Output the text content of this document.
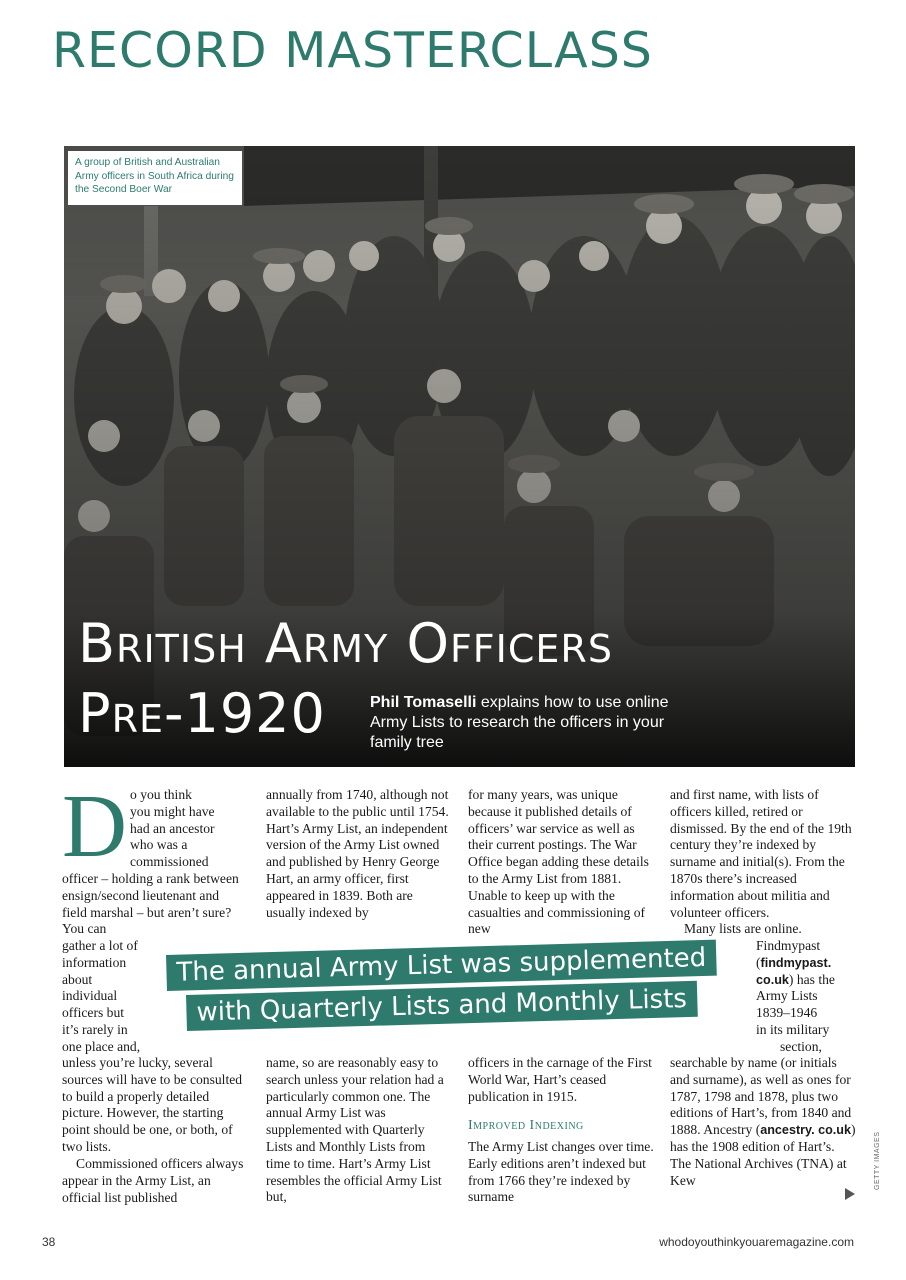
RECORD MASTERCLASS
A group of British and Australian Army officers in South Africa during the Second Boer War
British Army Officers
Pre-1920	Phil Tomaselli explains how to use online Army Lists to research the officers in your family tree
D o you think
you might have
had an ancestor
who was a
commissioned
officer – holding a rank between ensign/second lieutenant and field marshal – but aren’t sure? You can
gather a lot of
information
about
individual
officers but
it’s rarely in
one place and,
unless you’re lucky, several sources will have to be consulted to build a properly detailed picture. However, the starting point should be one, or both, of two lists.
Commissioned officers always appear in the Army List, an official list published
annually from 1740, although not available to the public until 1754. Hart’s Army List, an independent version of the Army List owned and published by Henry George Hart, an army officer, first appeared in 1839. Both are usually indexed by
name, so are reasonably easy to search unless your relation had a particularly common one. The annual Army List was supplemented with Quarterly Lists and Monthly Lists from time to time. Hart’s Army List resembles the official Army List but,
for many years, was unique because it published details of officers’ war service as well as their current postings. The War Office began adding these details to the Army List from 1881. Unable to keep up with the casualties and commissioning of new
officers in the carnage of the First World War, Hart’s ceased publication in 1915.
Improved Indexing
The Army List changes over time. Early editions aren’t indexed but from 1766 they’re indexed by surname
and first name, with lists of officers killed, retired or dismissed. By the end of the 19th century they’re indexed by surname and initial(s). From the 1870s there’s increased information about militia and volunteer officers.
Many lists are online.
Findmypast
(findmypast.
co.uk) has the
Army Lists
1839–1946
in its military
section,
searchable by name (or initials and surname), as well as ones for 1787, 1798 and 1878, plus two editions of Hart’s, from 1840 and 1888. Ancestry (ancestry. co.uk) has the 1908 edition of Hart’s. The National Archives (TNA) at Kew
The annual Army List was supplemented
with Quarterly Lists and Monthly Lists
GETTY IMAGES
38	whodoyouthinkyouaremagazine.com
